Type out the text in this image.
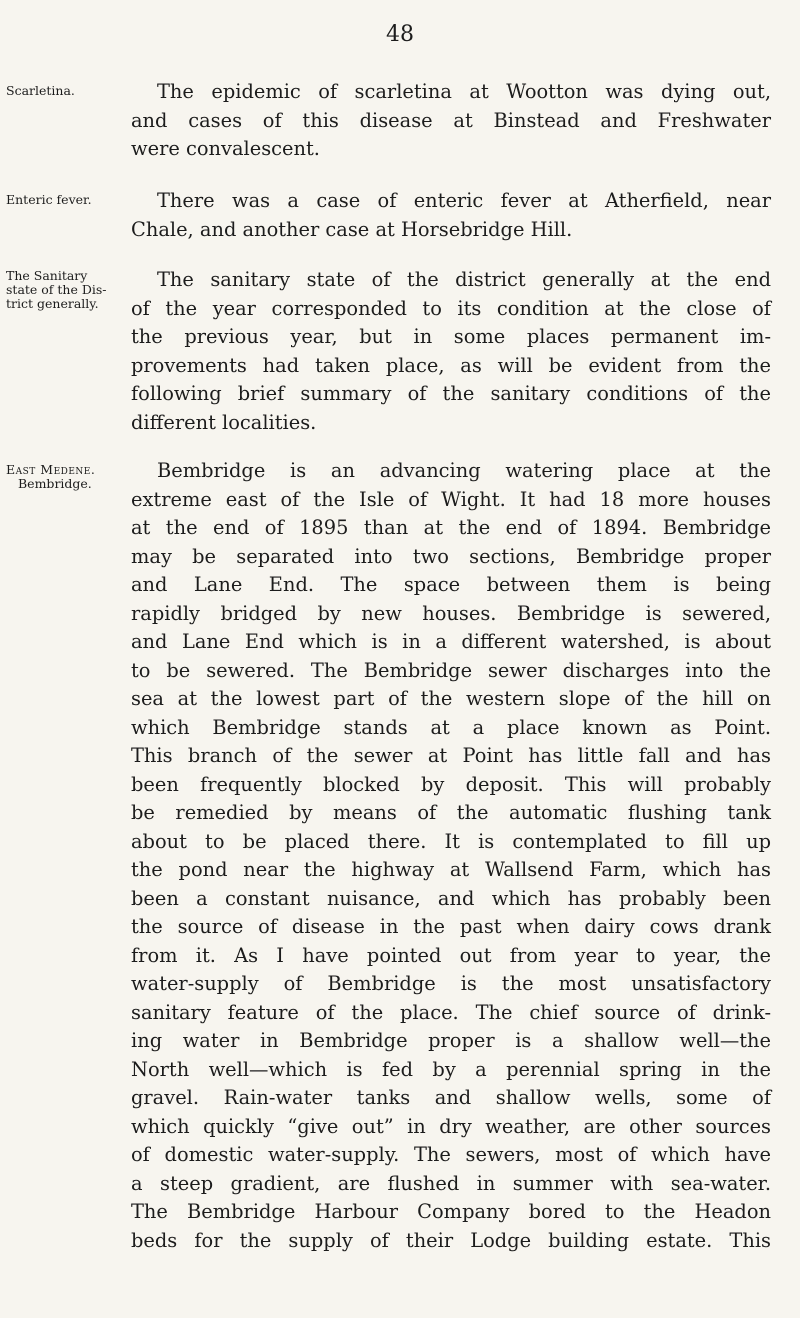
48
Scarletina.	The epidemic of scarletina at Wootton was dying out,
and cases of this disease at Binstead and Freshwater
were convalescent.
Enteric fever.	There was a case of enteric fever at Atherfield, near
Chale, and another case at Horsebridge Hill.
The Sanitary
state of the Dis-
trict generally.
The sanitary state of the district generally at the end
of the year corresponded to its condition at the close of
the previous year, but in some places permanent im-
provements had taken place, as will be evident from the
following brief summary of the sanitary conditions of the
different localities.
East Medene.
Bembridge.
Bembridge is an advancing watering place at the
extreme east of the Isle of Wight. It had 18 more houses
at the end of 1895 than at the end of 1894. Bembridge
may be separated into two sections, Bembridge proper
and Lane End. The space between them is being
rapidly bridged by new houses. Bembridge is sewered,
and Lane End which is in a different watershed, is about
to be sewered. The Bembridge sewer discharges into the
sea at the lowest part of the western slope of the hill on
which Bembridge stands at a place known as Point.
This branch of the sewer at Point has little fall and has
been frequently blocked by deposit. This will probably
be remedied by means of the automatic flushing tank
about to be placed there. It is contemplated to fill up
the pond near the highway at Wallsend Farm, which has
been a constant nuisance, and which has probably been
the source of disease in the past when dairy cows drank
from it. As I have pointed out from year to year, the
water-supply of Bembridge is the most unsatisfactory
sanitary feature of the place. The chief source of drink-
ing water in Bembridge proper is a shallow well—the
North well—which is fed by a perennial spring in the
gravel. Rain-water tanks and shallow wells, some of
which quickly “give out” in dry weather, are other sources
of domestic water-supply. The sewers, most of which have
a steep gradient, are flushed in summer with sea-water.
The Bembridge Harbour Company bored to the Headon
beds for the supply of their Lodge building estate. This
